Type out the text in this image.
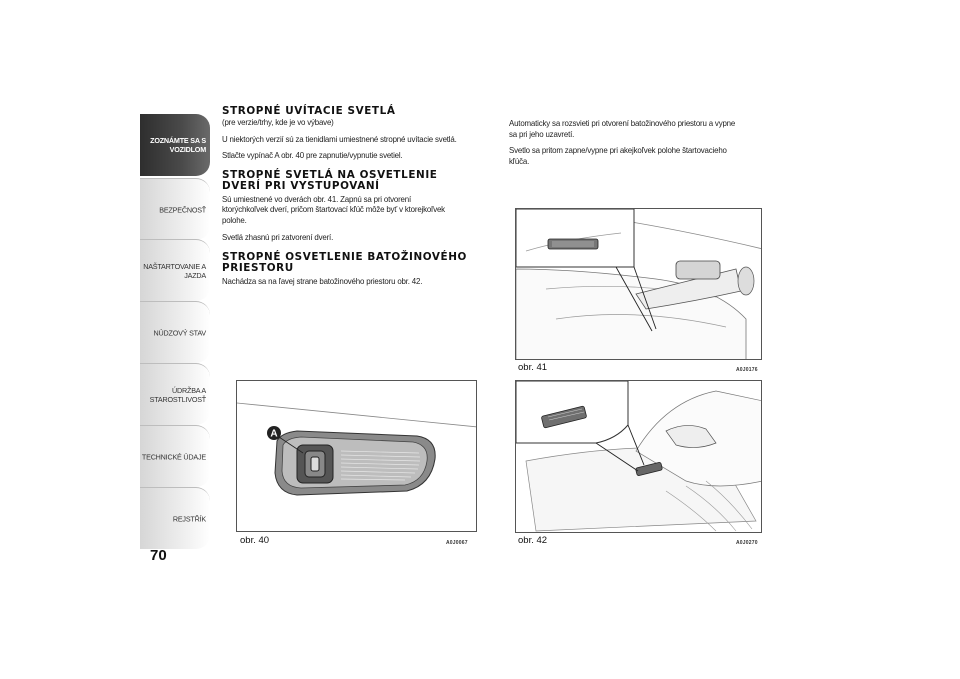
ZOZNÁMTE SA S VOZIDLOM
BEZPEČNOSŤ
NAŠTARTOVANIE A JAZDA
NÚDZOVÝ STAV
ÚDRŽBA A STAROSTLIVOSŤ
TECHNICKÉ ÚDAJE
REJSTŘÍK
70

STROPNÉ UVÍTACIE SVETLÁ

(pre verzie/trhy, kde je vo výbave)

U niektorých verzií sú za tienidlami umiestnené stropné uvítacie svetlá.

Stlačte vypínač A obr. 40 pre zapnutie/vypnutie svetiel.

STROPNÉ SVETLÁ NA OSVETLENIE

DVERÍ PRI VYSTUPOVANÍ

Sú umiestnené vo dverách obr. 41. Zapnú sa pri otvorení

ktorýchkoľvek dverí, pričom štartovací kľúč môže byť v ktorejkoľvek

polohe.

Svetlá zhasnú pri zatvorení dverí.

STROPNÉ OSVETLENIE BATOŽINOVÉHO

PRIESTORU

Nachádza sa na ľavej strane batožinového priestoru obr. 42.

Automaticky sa rozsvieti pri otvorení batožinového priestoru a vypne

sa pri jeho uzavretí.

Svetlo sa pritom zapne/vypne pri akejkoľvek polohe štartovacieho

kľúča.

A
obr. 40	A0J0067
obr. 41	A0J0176
obr. 42	A0J0270
